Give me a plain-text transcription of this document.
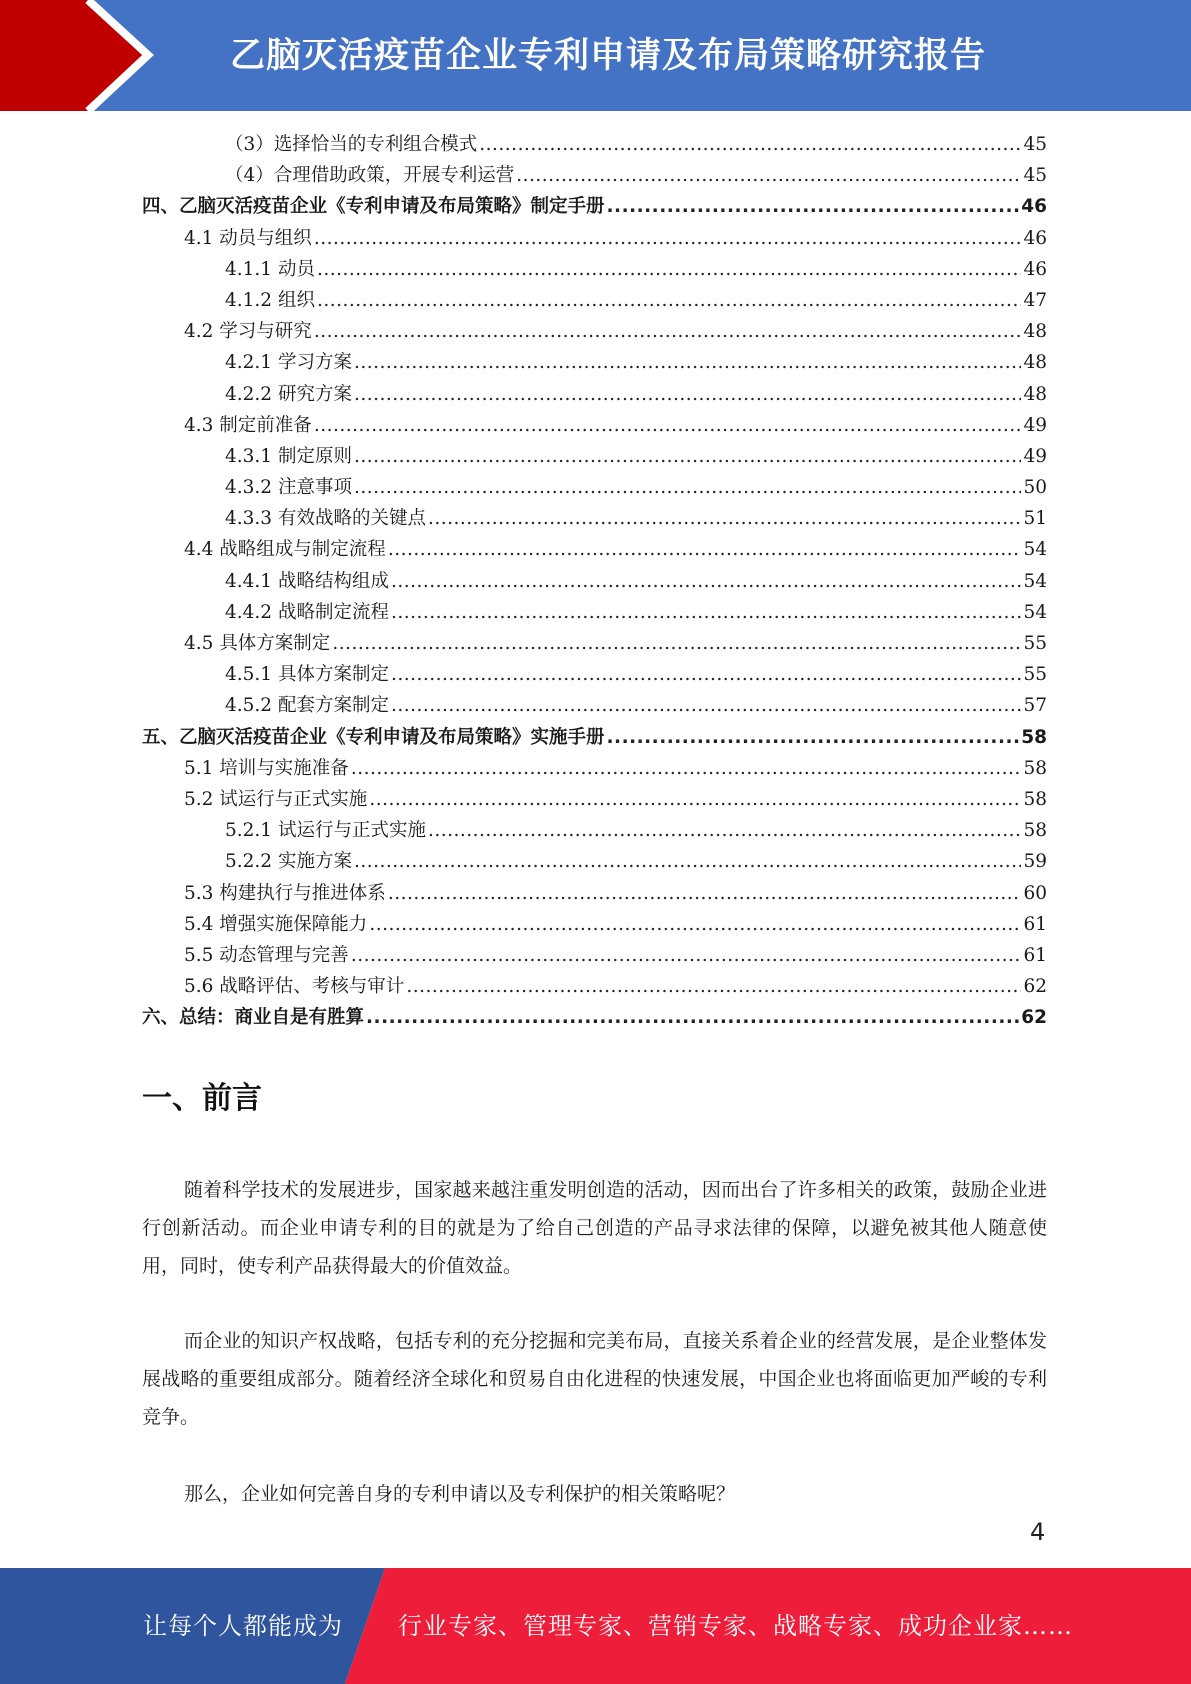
乙脑灭活疫苗企业专利申请及布局策略研究报告
（3）选择恰当的专利组合模式 .....	45
（4）合理借助政策，开展专利运营 .....	45
四、乙脑灭活疫苗企业《专利申请及布局策略》制定手册 .....	46
4.1 动员与组织 .....	46
4.1.1 动员 .....	46
4.1.2 组织 .....	47
4.2 学习与研究 .....	48
4.2.1 学习方案 .....	48
4.2.2 研究方案 .....	48
4.3 制定前准备 .....	49
4.3.1 制定原则 .....	49
4.3.2 注意事项 .....	50
4.3.3 有效战略的关键点 .....	51
4.4 战略组成与制定流程 .....	54
4.4.1 战略结构组成 .....	54
4.4.2 战略制定流程 .....	54
4.5 具体方案制定 .....	55
4.5.1 具体方案制定 .....	55
4.5.2 配套方案制定 .....	57
五、乙脑灭活疫苗企业《专利申请及布局策略》实施手册 .....	58
5.1 培训与实施准备 .....	58
5.2 试运行与正式实施 .....	58
5.2.1 试运行与正式实施 .....	58
5.2.2 实施方案 .....	59
5.3 构建执行与推进体系 .....	60
5.4 增强实施保障能力 .....	61
5.5 动态管理与完善 .....	61
5.6 战略评估、考核与审计 .....	62
六、总结：商业自是有胜算 .....	62
一、前言
随着科学技术的发展进步，国家越来越注重发明创造的活动，因而出台了许多相关的政策，鼓励企业进行创新活动。而企业申请专利的目的就是为了给自己创造的产品寻求法律的保障，以避免被其他人随意使用，同时，使专利产品获得最大的价值效益。
而企业的知识产权战略，包括专利的充分挖掘和完美布局，直接关系着企业的经营发展，是企业整体发展战略的重要组成部分。随着经济全球化和贸易自由化进程的快速发展，中国企业也将面临更加严峻的专利竞争。
那么，企业如何完善自身的专利申请以及专利保护的相关策略呢？
4
让每个人都能成为 行业专家、管理专家、营销专家、战略专家、成功企业家……
